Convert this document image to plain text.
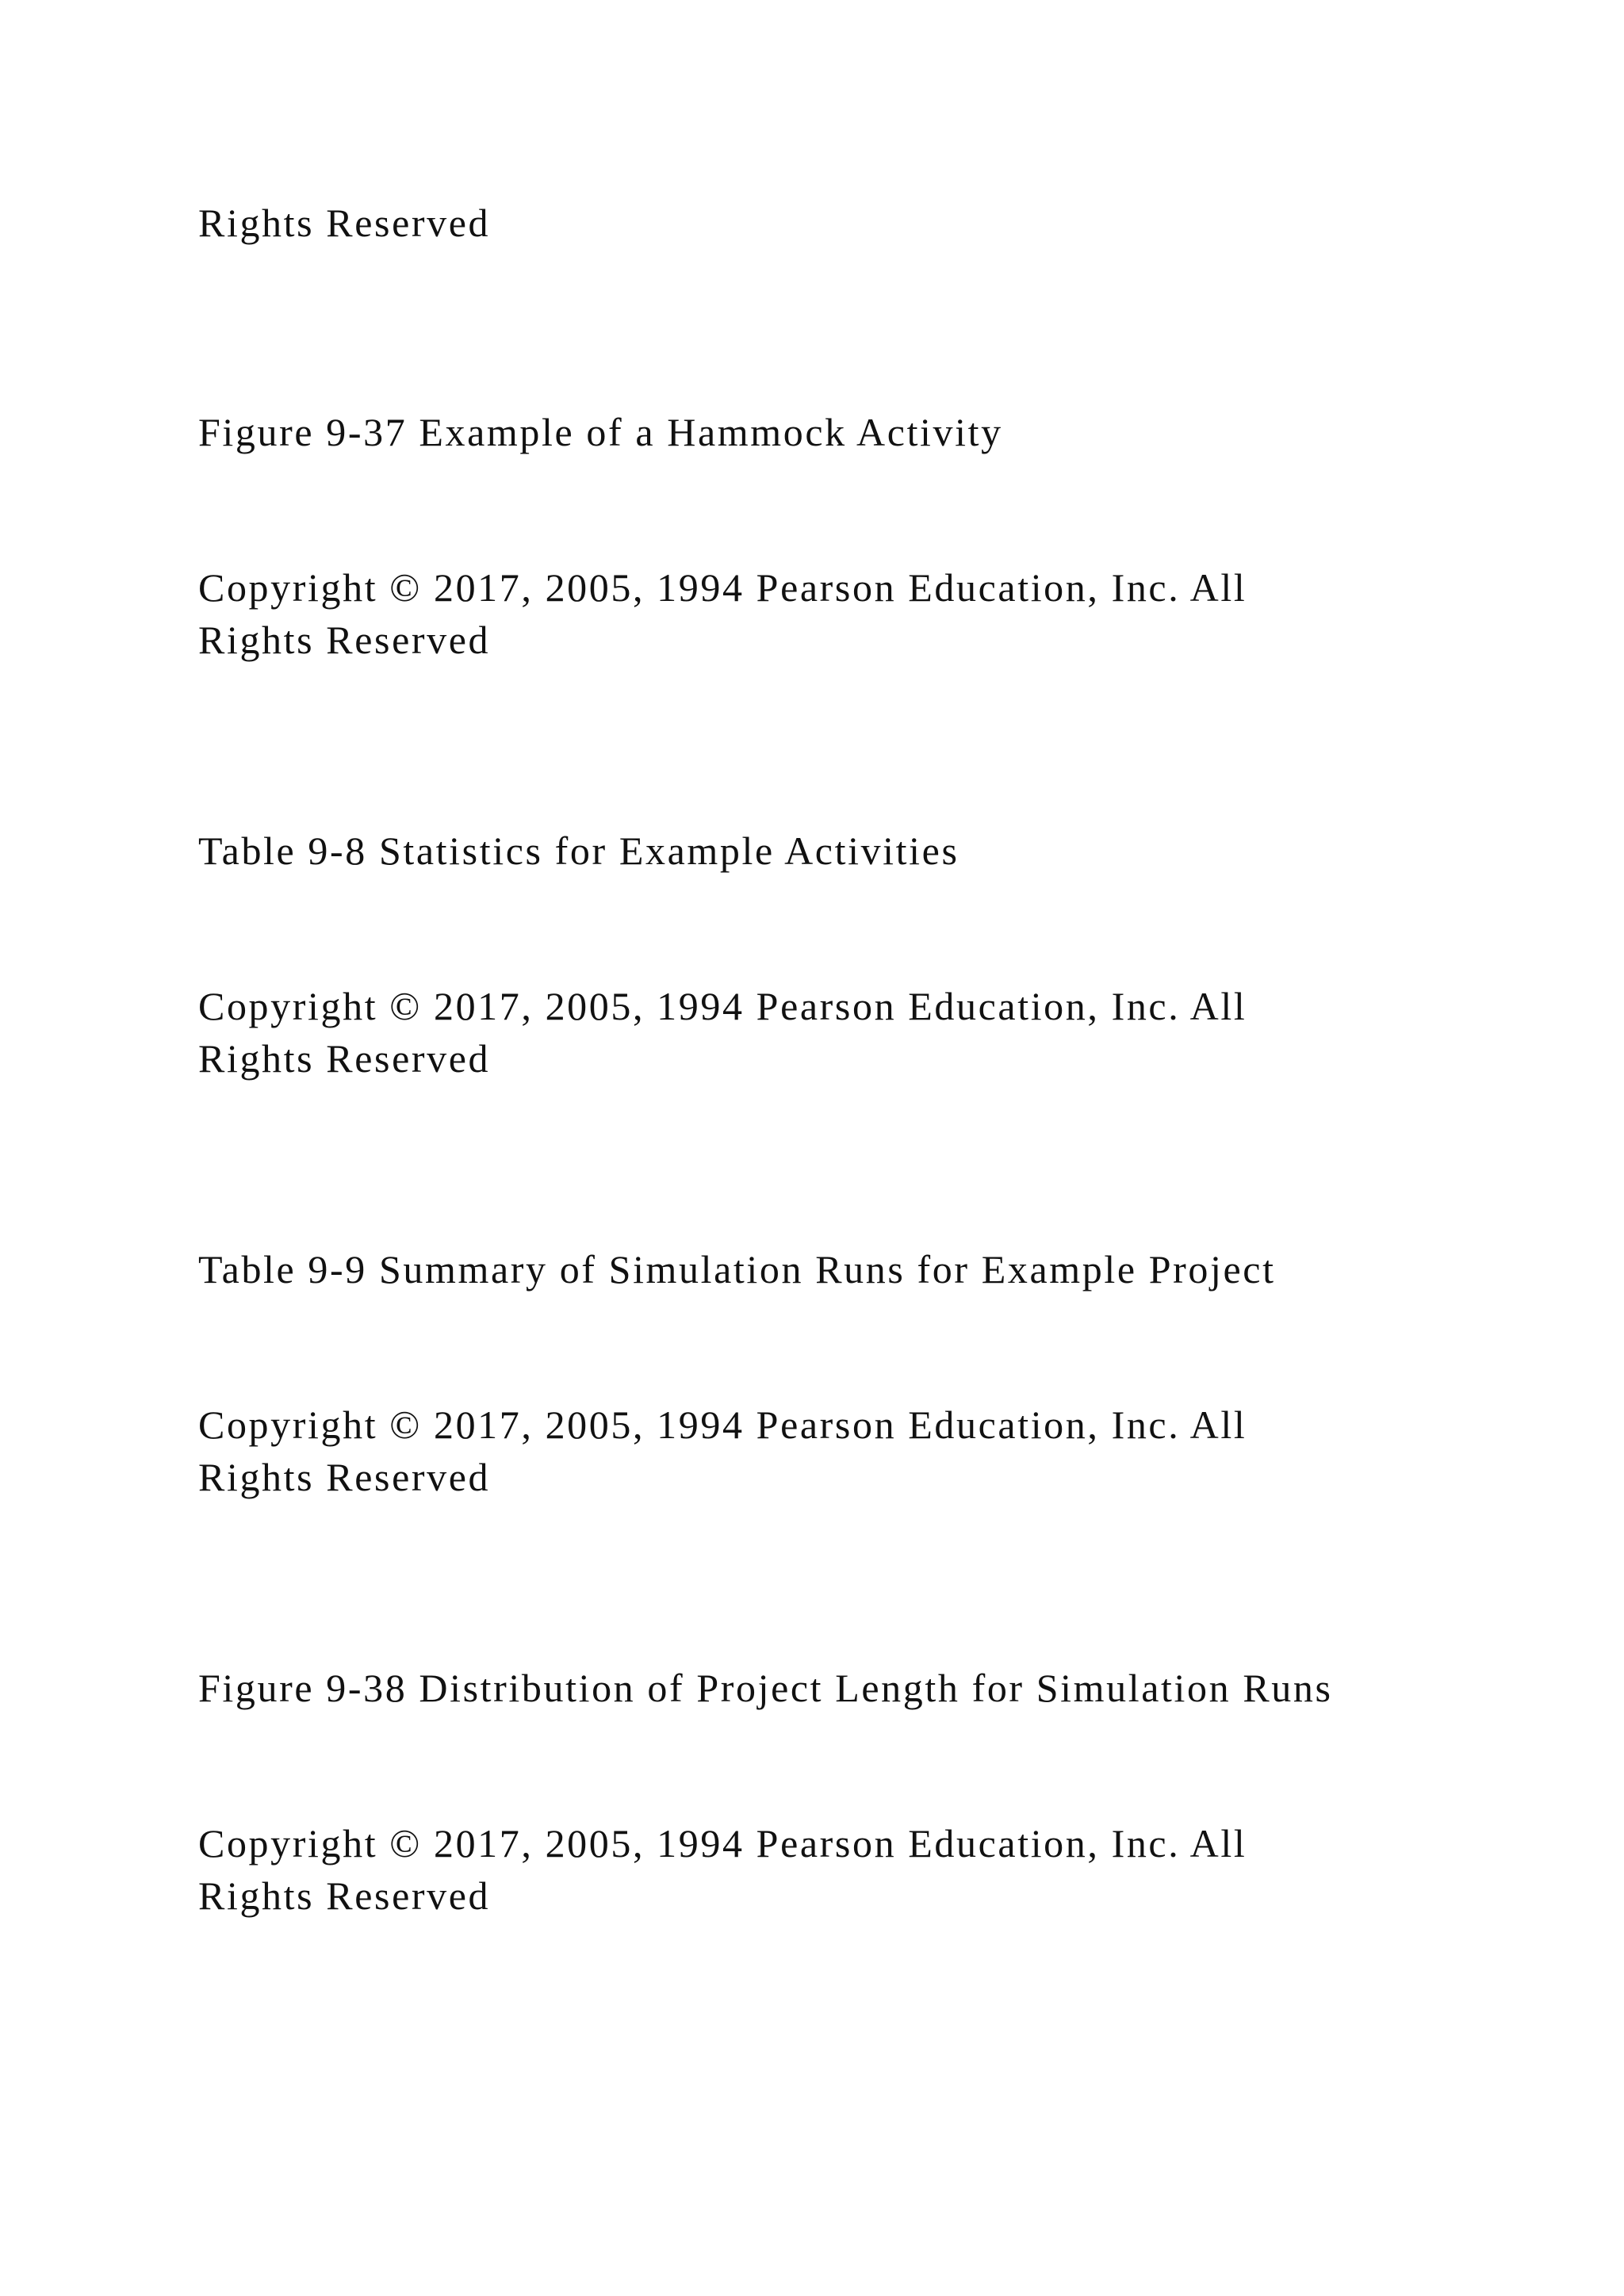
Rights Reserved

Figure 9-37 Example of a Hammock Activity

Copyright © 2017, 2005, 1994 Pearson Education, Inc. All

Rights Reserved

Table 9-8 Statistics for Example Activities

Copyright © 2017, 2005, 1994 Pearson Education, Inc. All

Rights Reserved

Table 9-9 Summary of Simulation Runs for Example Project

Copyright © 2017, 2005, 1994 Pearson Education, Inc. All

Rights Reserved

Figure 9-38 Distribution of Project Length for Simulation Runs

Copyright © 2017, 2005, 1994 Pearson Education, Inc. All

Rights Reserved
